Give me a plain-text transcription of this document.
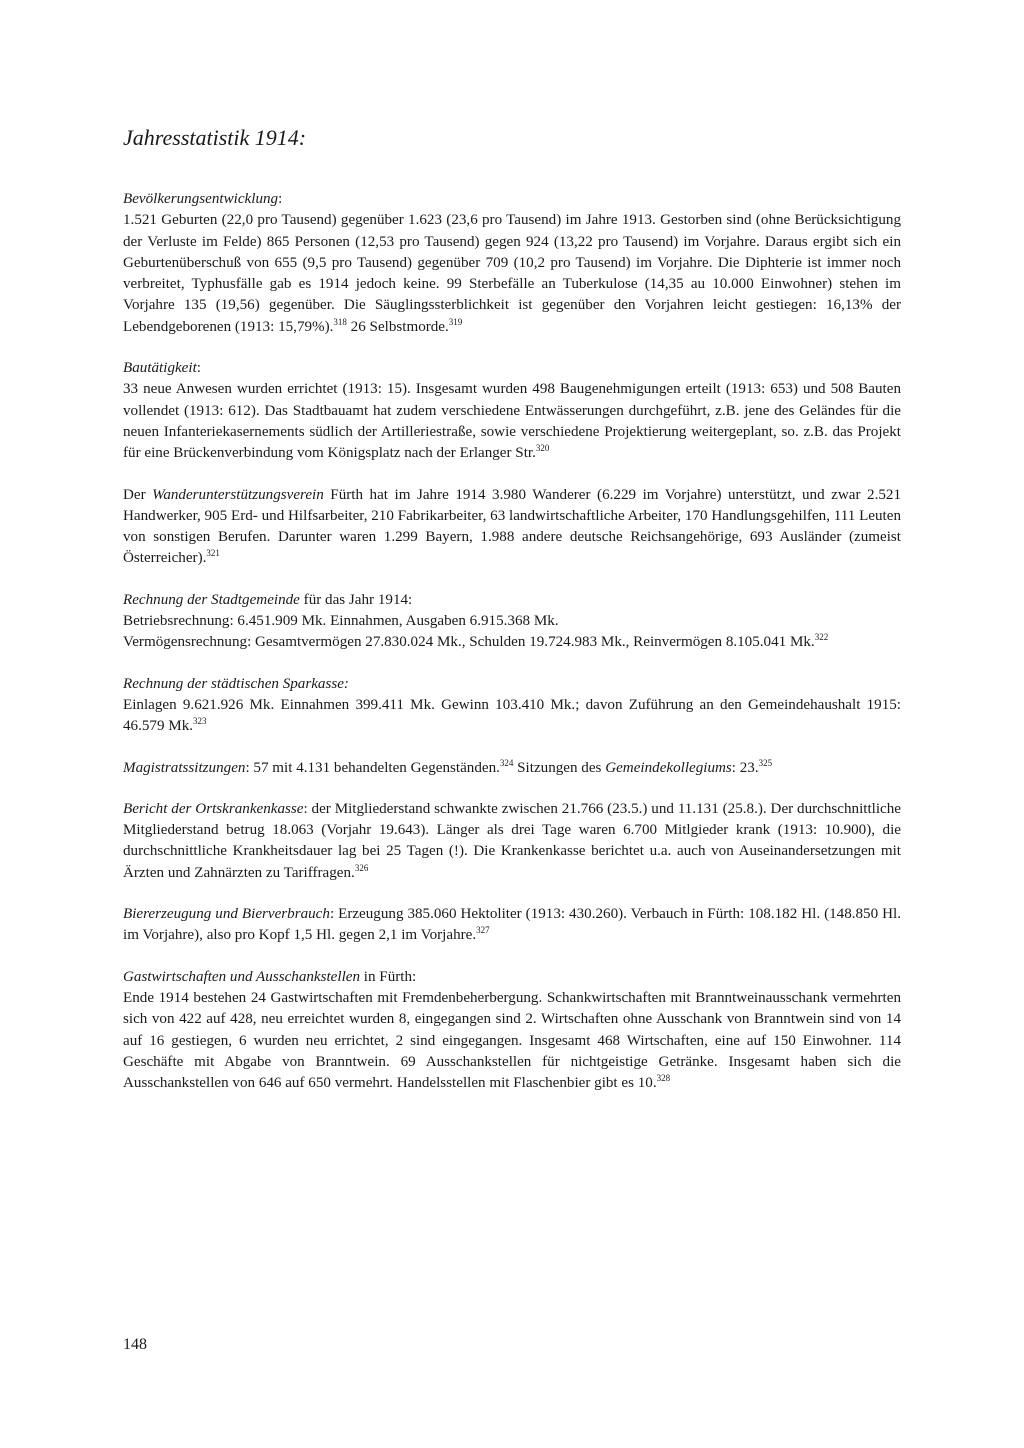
Jahresstatistik 1914:

Bevölkerungsentwicklung:

1.521 Geburten (22,0 pro Tausend) gegenüber 1.623 (23,6 pro Tausend) im Jahre 1913. Gestorben sind (ohne Berücksichtigung der Verluste im Felde) 865 Personen (12,53 pro Tausend) gegen 924 (13,22 pro Tausend) im Vorjahre. Daraus ergibt sich ein Geburtenüberschuß von 655 (9,5 pro Tausend) gegenüber 709 (10,2 pro Tausend) im Vorjahre. Die Diphterie ist immer noch verbreitet, Typhusfälle gab es 1914 jedoch keine. 99 Sterbefälle an Tuberkulose (14,35 au 10.000 Einwohner) stehen im Vorjahre 135 (19,56) gegenüber. Die Säuglingssterblichkeit ist gegenüber den Vorjahren leicht gestiegen: 16,13% der Lebendgeborenen (1913: 15,79%).$^{318}$ 26 Selbstmorde.$^{319}$

Bautätigkeit:

33 neue Anwesen wurden errichtet (1913: 15). Insgesamt wurden 498 Baugenehmigungen erteilt (1913: 653) und 508 Bauten vollendet (1913: 612). Das Stadtbauamt hat zudem verschiedene Entwässerungen durchgeführt, z.B. jene des Geländes für die neuen Infanteriekasernements südlich der Artilleriestraße, sowie verschiedene Projektierung weitergeplant, so. z.B. das Projekt für eine Brückenverbindung vom Königsplatz nach der Erlanger Str.$^{320}$

Der Wanderunterstützungsverein Fürth hat im Jahre 1914 3.980 Wanderer (6.229 im Vorjahre) unterstützt, und zwar 2.521 Handwerker, 905 Erd- und Hilfsarbeiter, 210 Fabrikarbeiter, 63 landwirtschaftliche Arbeiter, 170 Handlungsgehilfen, 111 Leuten von sonstigen Berufen. Darunter waren 1.299 Bayern, 1.988 andere deutsche Reichsangehörige, 693 Ausländer (zumeist Österreicher).$^{321}$

Rechnung der Stadtgemeinde für das Jahr 1914:

Betriebsrechnung: 6.451.909 Mk. Einnahmen, Ausgaben 6.915.368 Mk.

Vermögensrechnung: Gesamtvermögen 27.830.024 Mk., Schulden 19.724.983 Mk., Reinvermögen 8.105.041 Mk.$^{322}$

Rechnung der städtischen Sparkasse:

Einlagen 9.621.926 Mk. Einnahmen 399.411 Mk. Gewinn 103.410 Mk.; davon Zuführung an den Gemeindehaushalt 1915: 46.579 Mk.$^{323}$

Magistratssitzungen: 57 mit 4.131 behandelten Gegenständen.$^{324}$ Sitzungen des Gemeindekollegiums: 23.$^{325}$

Bericht der Ortskrankenkasse: der Mitgliederstand schwankte zwischen 21.766 (23.5.) und 11.131 (25.8.). Der durchschnittliche Mitgliederstand betrug 18.063 (Vorjahr 19.643). Länger als drei Tage waren 6.700 Mitlgieder krank (1913: 10.900), die durchschnittliche Krankheitsdauer lag bei 25 Tagen (!). Die Krankenkasse berichtet u.a. auch von Auseinandersetzungen mit Ärzten und Zahnärzten zu Tariffragen.$^{326}$

Biererzeugung und Bierverbrauch: Erzeugung 385.060 Hektoliter (1913: 430.260). Verbauch in Fürth: 108.182 Hl. (148.850 Hl. im Vorjahre), also pro Kopf 1,5 Hl. gegen 2,1 im Vorjahre.$^{327}$

Gastwirtschaften und Ausschankstellen in Fürth:

Ende 1914 bestehen 24 Gastwirtschaften mit Fremdenbeherbergung. Schankwirtschaften mit Branntweinausschank vermehrten sich von 422 auf 428, neu erreichtet wurden 8, eingegangen sind 2. Wirtschaften ohne Ausschank von Branntwein sind von 14 auf 16 gestiegen, 6 wurden neu errichtet, 2 sind eingegangen. Insgesamt 468 Wirtschaften, eine auf 150 Einwohner. 114 Geschäfte mit Abgabe von Branntwein. 69 Ausschankstellen für nichtgeistige Getränke. Insgesamt haben sich die Ausschankstellen von 646 auf 650 vermehrt. Handelsstellen mit Flaschenbier gibt es 10.$^{328}$

148
